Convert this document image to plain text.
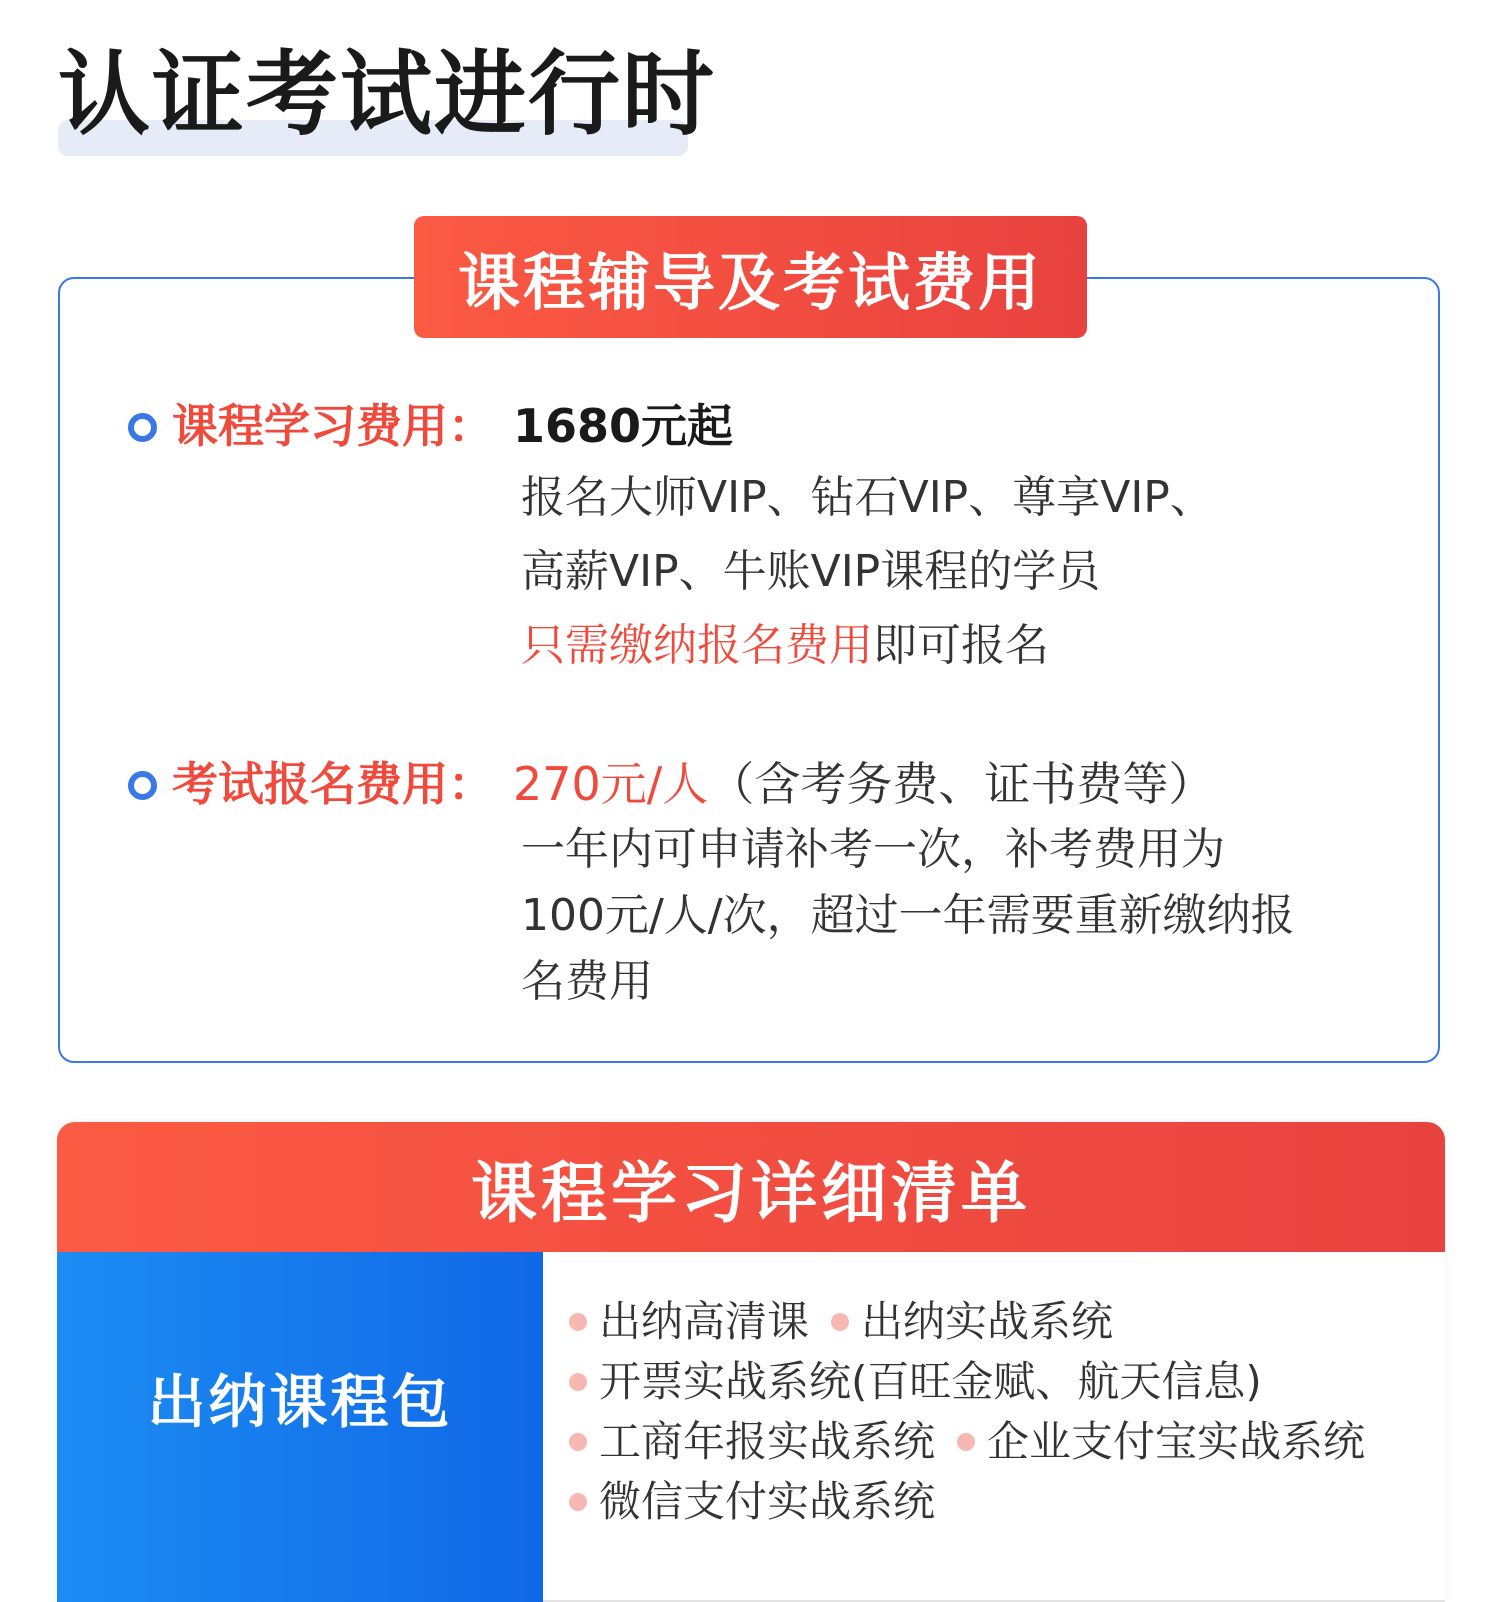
认证考试进行时
课程辅导及考试费用
课程学习费用： 1680元起
报名大师VIP、钻石VIP、尊享VIP、
高薪VIP、牛账VIP课程的学员
只需缴纳报名费用即可报名
考试报名费用： 270元/人（含考务费、证书费等）
一年内可申请补考一次，补考费用为
100元/人/次，超过一年需要重新缴纳报
名费用
课程学习详细清单
出纳课程包
出纳高清课 出纳实战系统
开票实战系统(百旺金赋、航天信息)
工商年报实战系统 企业支付宝实战系统
微信支付实战系统
